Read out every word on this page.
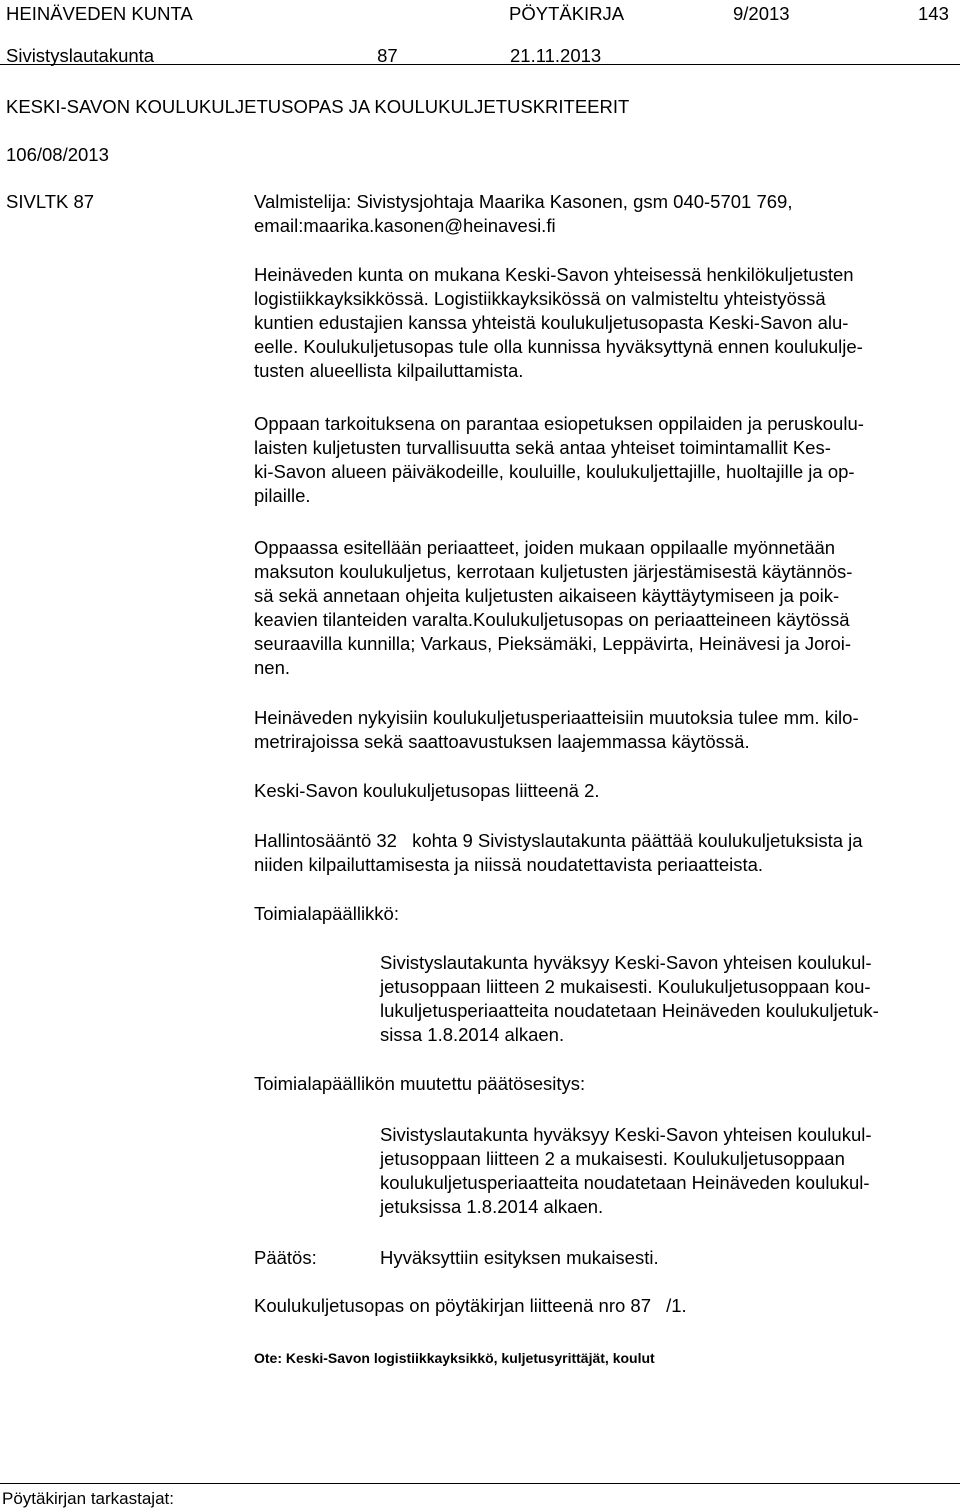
HEINÄVEDEN KUNTA	PÖYTÄKIRJA	9/2013	143
Sivistyslautakunta	87	21.11.2013
KESKI-SAVON KOULUKULJETUSOPAS JA KOULUKULJETUSKRITEERIT
106/08/2013
SIVLTK 87	Valmistelija: Sivistysjohtaja Maarika Kasonen, gsm 040-5701 769,
email:maarika.kasonen@heinavesi.fi
Heinäveden kunta on mukana Keski-Savon yhteisessä henkilökuljetusten
logistiikkayksikkössä. Logistiikkayksikössä on valmisteltu yhteistyössä
kuntien edustajien kanssa yhteistä koulukuljetusopasta Keski-Savon alu-
eelle. Koulukuljetusopas tule olla kunnissa hyväksyttynä ennen koulukulje-
tusten alueellista kilpailuttamista.
Oppaan tarkoituksena on parantaa esiopetuksen oppilaiden ja peruskoulu-
laisten kuljetusten turvallisuutta sekä antaa yhteiset toimintamallit Kes-
ki-Savon alueen päiväkodeille, kouluille, koulukuljettajille, huoltajille ja op-
pilaille.
Oppaassa esitellään periaatteet, joiden mukaan oppilaalle myönnetään
maksuton koulukuljetus, kerrotaan kuljetusten järjestämisestä käytännös-
sä sekä annetaan ohjeita kuljetusten aikaiseen käyttäytymiseen ja poik-
keavien tilanteiden varalta.Koulukuljetusopas on periaatteineen käytössä
seuraavilla kunnilla; Varkaus, Pieksämäki, Leppävirta, Heinävesi ja Joroi-
nen.
Heinäveden nykyisiin koulukuljetusperiaatteisiin muutoksia tulee mm. kilo-
metrirajoissa sekä saattoavustuksen laajemmassa käytössä.
Keski-Savon koulukuljetusopas liitteenä 2.
Hallintosääntö 32 kohta 9 Sivistyslautakunta päättää koulukuljetuksista ja
niiden kilpailuttamisesta ja niissä noudatettavista periaatteista.
Toimialapäällikkö:
Sivistyslautakunta hyväksyy Keski-Savon yhteisen koulukul-
jetusoppaan liitteen 2 mukaisesti. Koulukuljetusoppaan kou-
lukuljetusperiaatteita noudatetaan Heinäveden koulukuljetuk-
sissa 1.8.2014 alkaen.
Toimialapäällikön muutettu päätösesitys:
Sivistyslautakunta hyväksyy Keski-Savon yhteisen koulukul-
jetusoppaan liitteen 2 a mukaisesti. Koulukuljetusoppaan
koulukuljetusperiaatteita noudatetaan Heinäveden koulukul-
jetuksissa 1.8.2014 alkaen.
Päätös:	Hyväksyttiin esityksen mukaisesti.
Koulukuljetusopas on pöytäkirjan liitteenä nro 87 /1.
Ote: Keski-Savon logistiikkayksikkö, kuljetusyrittäjät, koulut
Pöytäkirjan tarkastajat:
